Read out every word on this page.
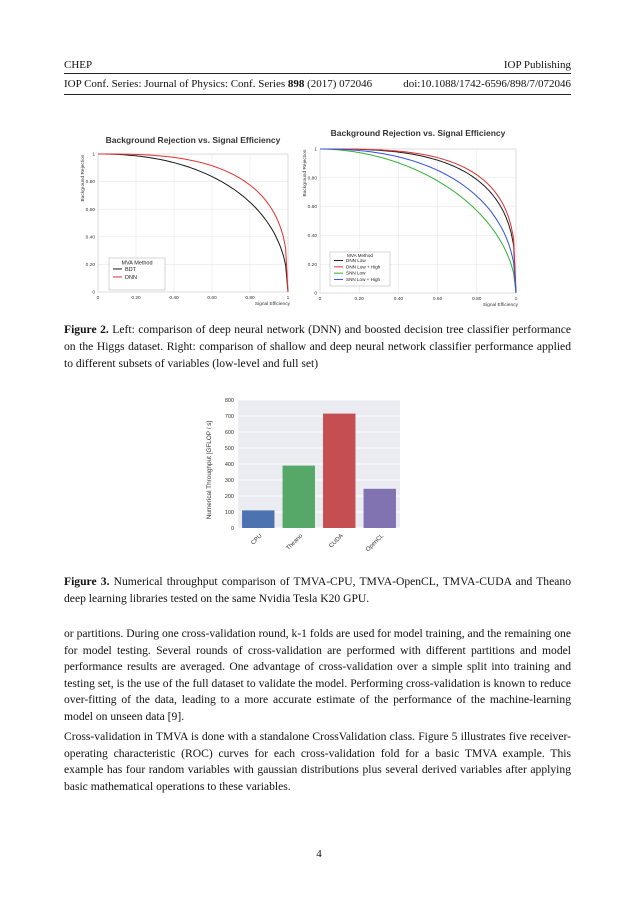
CHEP	IOP Publishing
IOP Conf. Series: Journal of Physics: Conf. Series 898 (2017) 072046	doi:10.1088/1742-6596/898/7/072046
Background Rejection vs. Signal Efficiency
0	0.20	0.40	0.60	0.80	1
0
0.20
0.40
0.60
0.80
1
Signal Efficiency
Background Rejection
MVA Method
BDT
DNN
Background Rejection vs. Signal Efficiency
0	0.20	0.40	0.60	0.80	1
0
0.20
0.40
0.60
0.80
1
Signal Efficiency
Background Rejection
MVA Method
DNN Low
DNN Low + High
SNN Low
SNN Low + High
Figure 2. Left: comparison of deep neural network (DNN) and boosted decision tree classifier performance on the Higgs dataset. Right: comparison of shallow and deep neural network classifier performance applied to different subsets of variables (low-level and full set)
0
100
200
300
400
500
600
700
800
Numerical Throughput [GFLOP / s]
CPU	Theano	CUDA	OpenCL
Figure 3. Numerical throughput comparison of TMVA-CPU, TMVA-OpenCL, TMVA-CUDA and Theano deep learning libraries tested on the same Nvidia Tesla K20 GPU.
or partitions. During one cross-validation round, k-1 folds are used for model training, and the remaining one for model testing. Several rounds of cross-validation are performed with different partitions and model performance results are averaged. One advantage of cross-validation over a simple split into training and testing set, is the use of the full dataset to validate the model. Performing cross-validation is known to reduce over-fitting of the data, leading to a more accurate estimate of the performance of the machine-learning model on unseen data [9].
Cross-validation in TMVA is done with a standalone CrossValidation class. Figure 5 illustrates five receiver-operating characteristic (ROC) curves for each cross-validation fold for a basic TMVA example. This example has four random variables with gaussian distributions plus several derived variables after applying basic mathematical operations to these variables.
4
